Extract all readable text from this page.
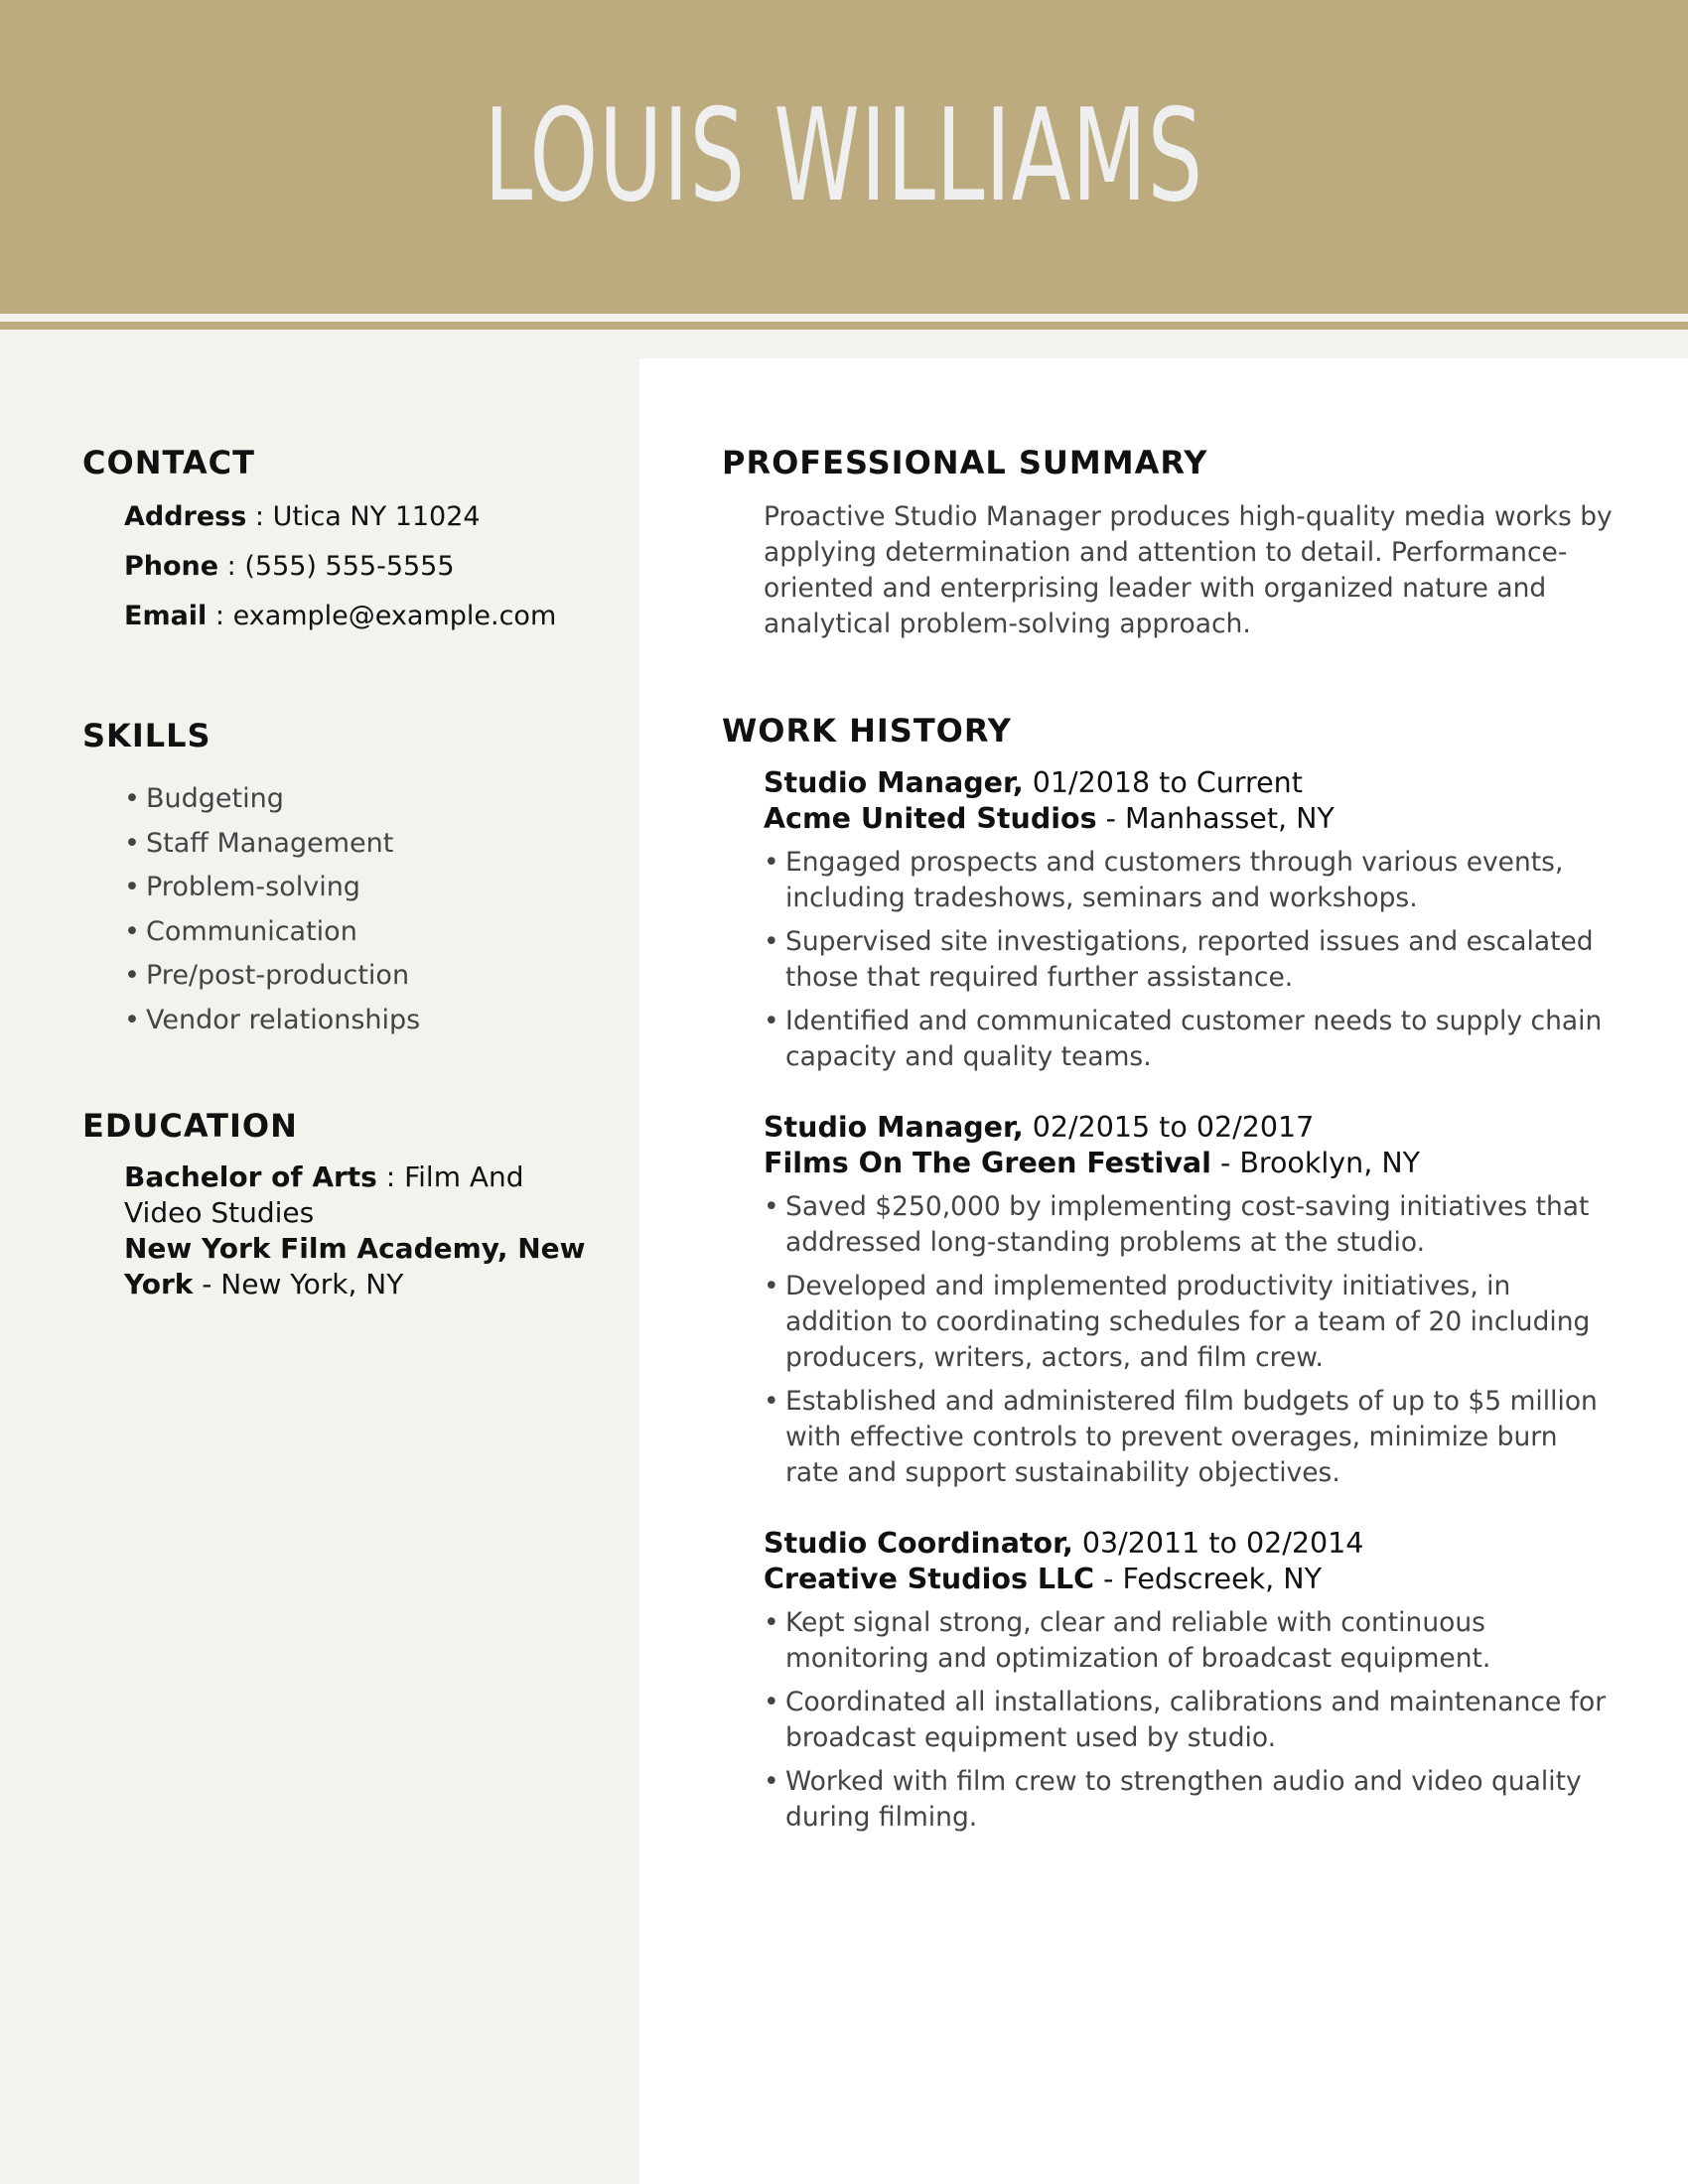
LOUIS WILLIAMS
CONTACT
Address : Utica NY 11024
Phone : (555) 555-5555
Email : example@example.com
SKILLS
• Budgeting
• Staff Management
• Problem-solving
• Communication
• Pre/post-production
• Vendor relationships
EDUCATION
Bachelor of Arts : Film And Video Studies
New York Film Academy, New York - New York, NY
PROFESSIONAL SUMMARY
Proactive Studio Manager produces high-quality media works by applying determination and attention to detail. Performance-oriented and enterprising leader with organized nature and analytical problem-solving approach.
WORK HISTORY
Studio Manager, 01/2018 to Current
Acme United Studios - Manhasset, NY
• Engaged prospects and customers through various events, including tradeshows, seminars and workshops.
• Supervised site investigations, reported issues and escalated those that required further assistance.
• Identified and communicated customer needs to supply chain capacity and quality teams.
Studio Manager, 02/2015 to 02/2017
Films On The Green Festival - Brooklyn, NY
• Saved $250,000 by implementing cost-saving initiatives that addressed long-standing problems at the studio.
• Developed and implemented productivity initiatives, in addition to coordinating schedules for a team of 20 including producers, writers, actors, and film crew.
• Established and administered film budgets of up to $5 million with effective controls to prevent overages, minimize burn rate and support sustainability objectives.
Studio Coordinator, 03/2011 to 02/2014
Creative Studios LLC - Fedscreek, NY
• Kept signal strong, clear and reliable with continuous monitoring and optimization of broadcast equipment.
• Coordinated all installations, calibrations and maintenance for broadcast equipment used by studio.
• Worked with film crew to strengthen audio and video quality during filming.
